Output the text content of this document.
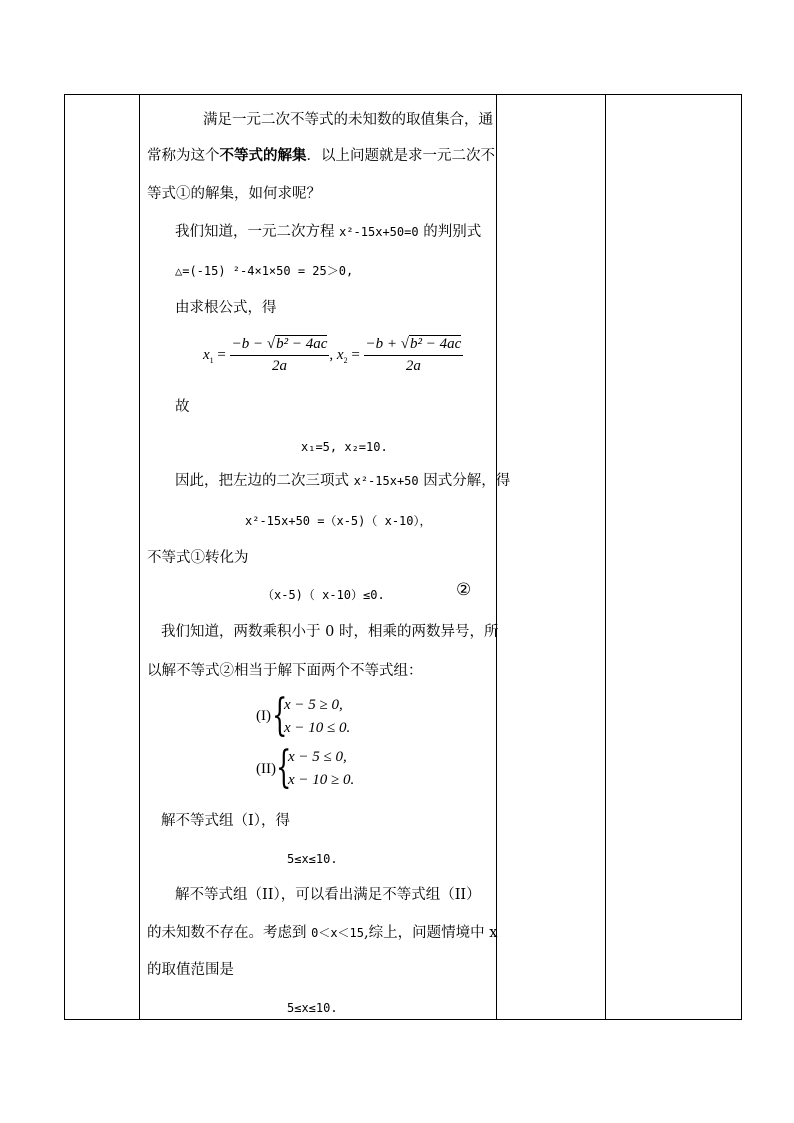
满足一元二次不等式的未知数的取值集合，通
常称为这个不等式的解集．以上问题就是求一元二次不
等式①的解集，如何求呢？
我们知道，一元二次方程 x²-15x+50=0 的判别式
△=(-15) ²-4×1×50 = 25＞0,
由求根公式，得
$x_1 = \frac{\text{−b − √b² − 4ac}}{2a}$ , $x_2 = \frac{\text{−b + √b² − 4ac}}{2a}$
故
x₁=5, x₂=10.
因此，把左边的二次三项式 x²-15x+50 因式分解，得
x²-15x+50 =（x-5)（ x-10），
不等式①转化为
（x-5)（ x-10）≤0.	②
我们知道，两数乘积小于 0 时，相乘的两数异号，所
以解不等式②相当于解下面两个不等式组：
(I) {
x − 5 ≥ 0,
x − 10 ≤ 0.
(II) {
x − 5 ≤ 0,
x − 10 ≥ 0.
解不等式组（I），得
5≤x≤10.
解不等式组（II），可以看出满足不等式组（II）
的未知数不存在。考虑到 0＜x＜15,综上，问题情境中 x
的取值范围是
5≤x≤10.
